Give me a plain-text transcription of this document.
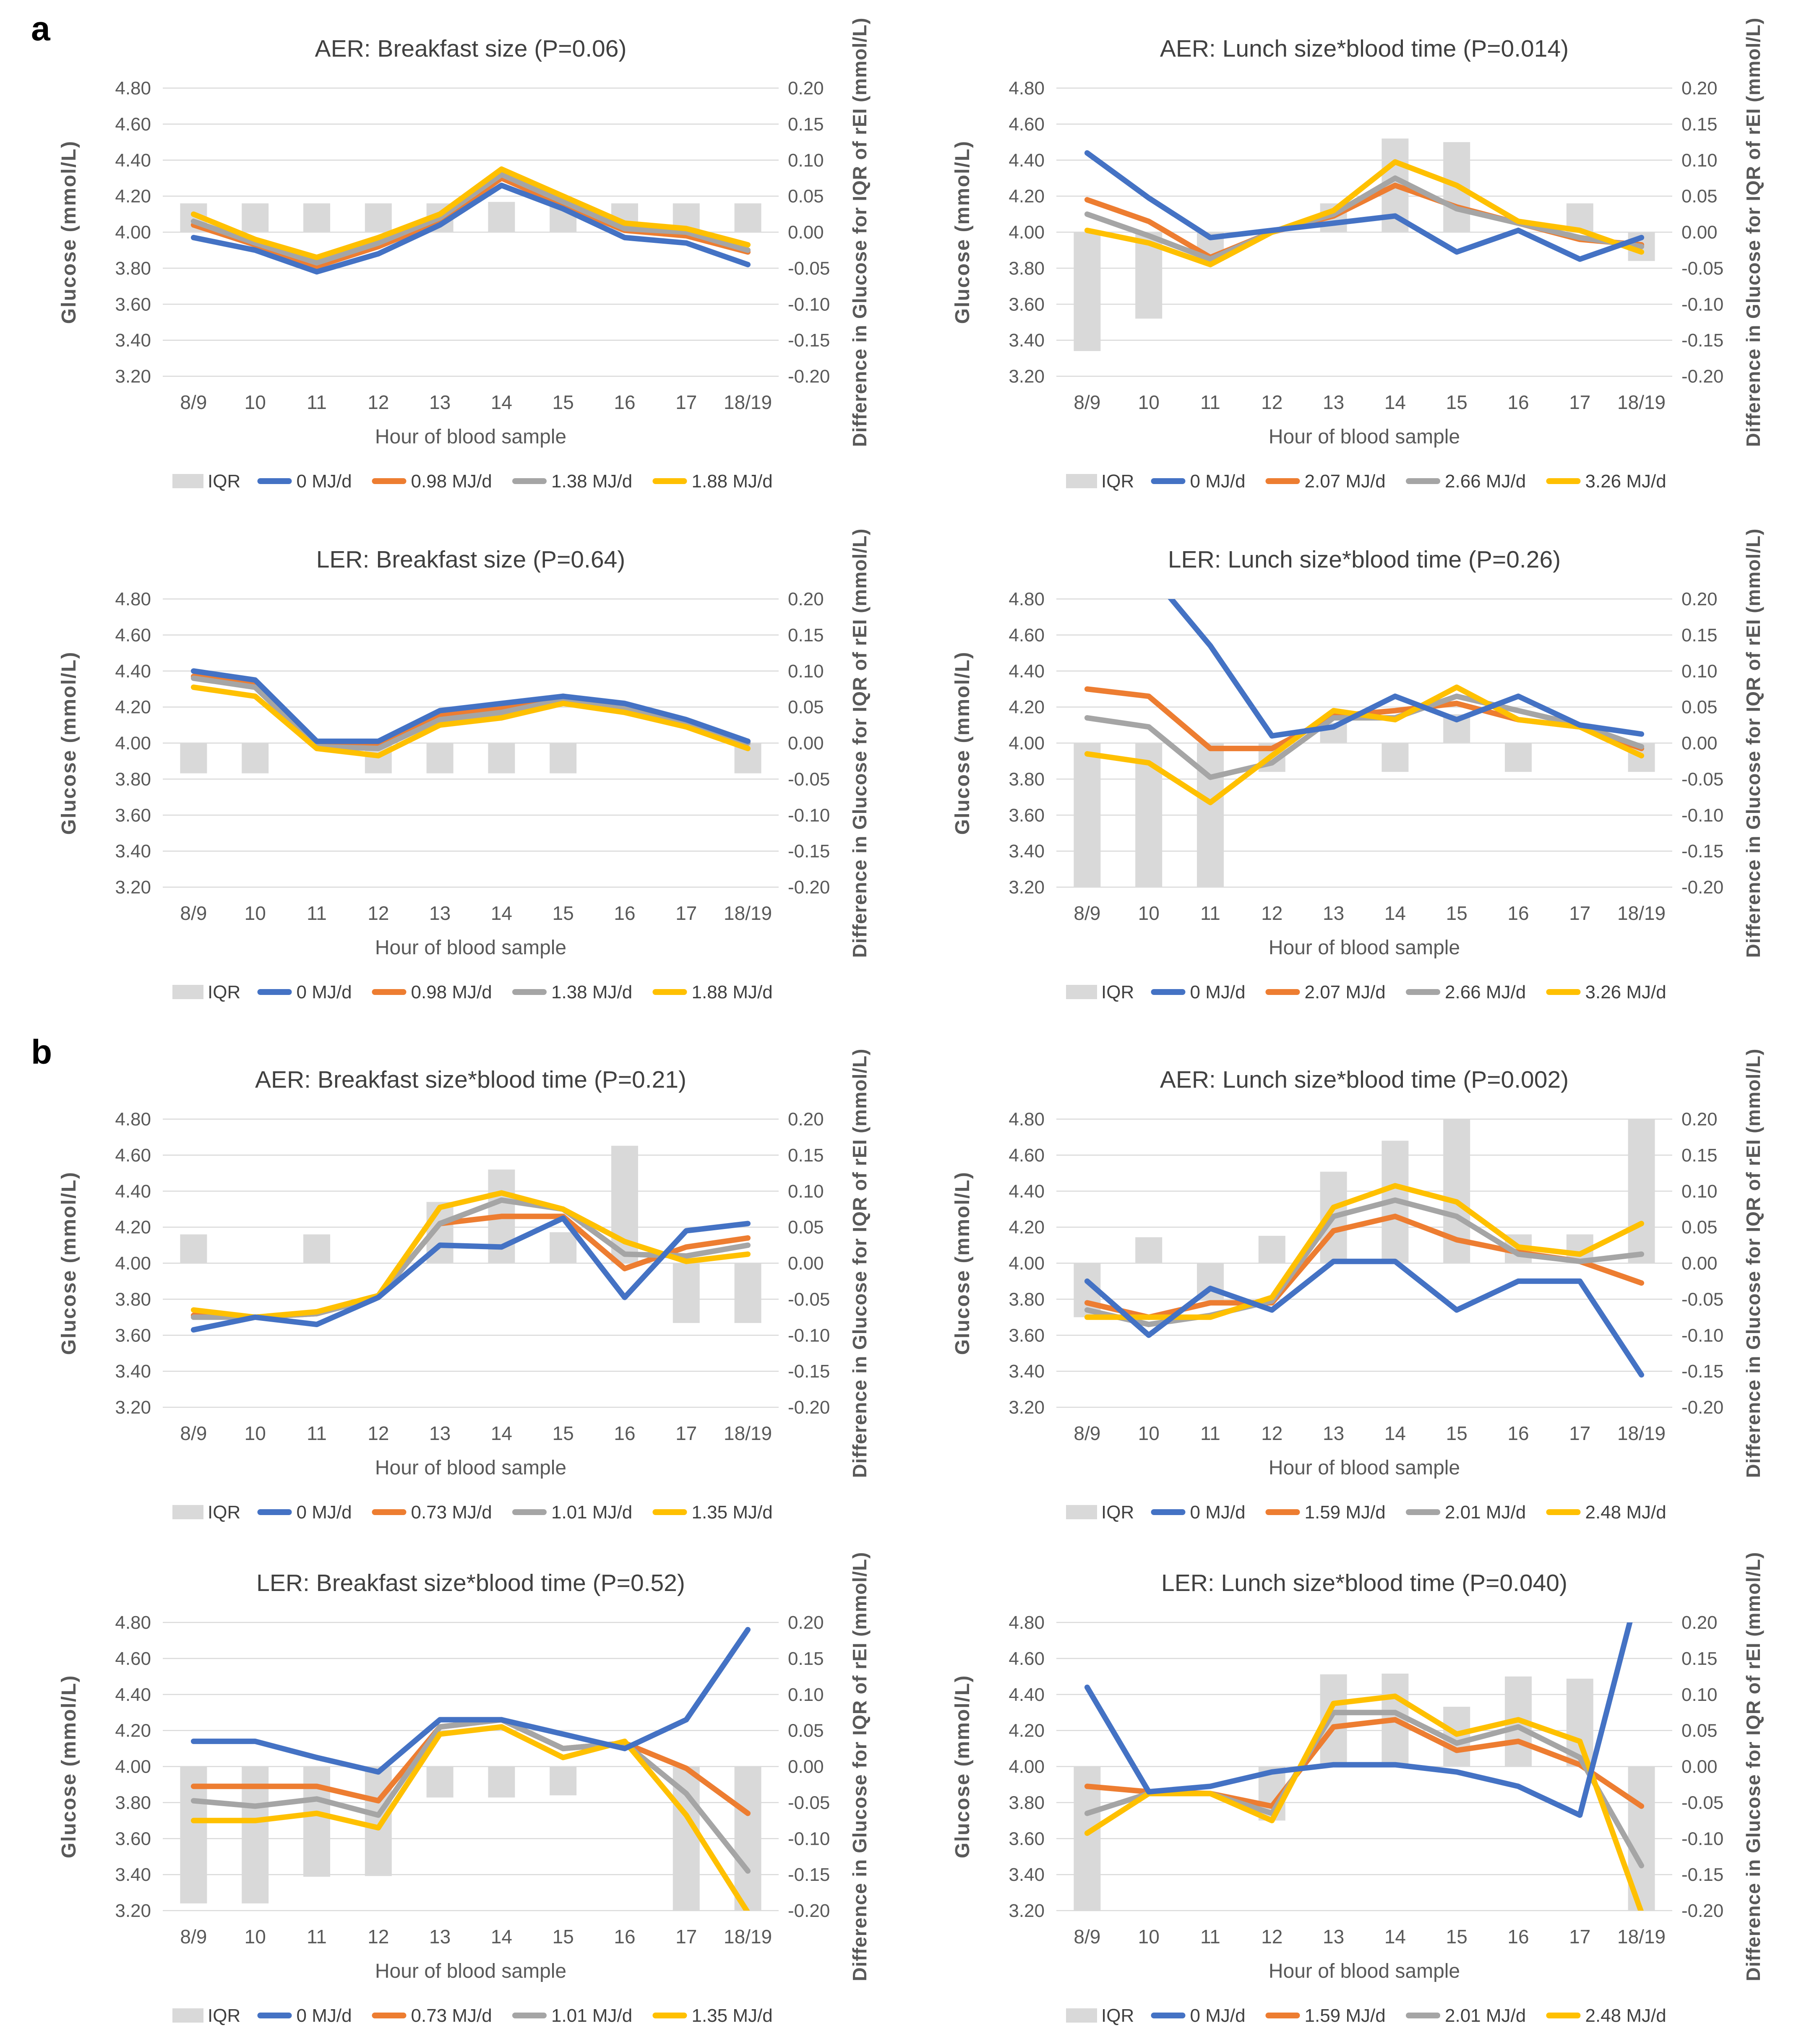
a
b
4.80
4.60
4.40
4.20
4.00
3.80
3.60
3.40
3.20
0.20
0.15
0.10
0.05
0.00
-0.05
-0.10
-0.15
-0.20
8/9 10 11 12 13 14 15 16 17 18/19
AER: Breakfast size (P=0.06)
Hour of blood sample
Glucose (mmol/L)	Difference in Glucose for IQR of rEI (mmol/L)
IQR	0 MJ/d	0.98 MJ/d	1.38 MJ/d	1.88 MJ/d
4.80
4.60
4.40
4.20
4.00
3.80
3.60
3.40
3.20
0.20
0.15
0.10
0.05
0.00
-0.05
-0.10
-0.15
-0.20
8/9 10 11 12 13 14 15 16 17 18/19
AER: Lunch size*blood time (P=0.014)
Hour of blood sample
Glucose (mmol/L)	Difference in Glucose for IQR of rEI (mmol/L)
IQR	0 MJ/d	2.07 MJ/d	2.66 MJ/d	3.26 MJ/d
4.80
4.60
4.40
4.20
4.00
3.80
3.60
3.40
3.20
0.20
0.15
0.10
0.05
0.00
-0.05
-0.10
-0.15
-0.20
8/9 10 11 12 13 14 15 16 17 18/19
LER: Breakfast size (P=0.64)
Hour of blood sample
Glucose (mmol/L)	Difference in Glucose for IQR of rEI (mmol/L)
IQR	0 MJ/d	0.98 MJ/d	1.38 MJ/d	1.88 MJ/d
4.80
4.60
4.40
4.20
4.00
3.80
3.60
3.40
3.20
0.20
0.15
0.10
0.05
0.00
-0.05
-0.10
-0.15
-0.20
8/9 10 11 12 13 14 15 16 17 18/19
LER: Lunch size*blood time (P=0.26)
Hour of blood sample
Glucose (mmol/L)	Difference in Glucose for IQR of rEI (mmol/L)
IQR	0 MJ/d	2.07 MJ/d	2.66 MJ/d	3.26 MJ/d
4.80
4.60
4.40
4.20
4.00
3.80
3.60
3.40
3.20
0.20
0.15
0.10
0.05
0.00
-0.05
-0.10
-0.15
-0.20
8/9 10 11 12 13 14 15 16 17 18/19
AER: Breakfast size*blood time (P=0.21)
Hour of blood sample
Glucose (mmol/L)	Difference in Glucose for IQR of rEI (mmol/L)
IQR	0 MJ/d	0.73 MJ/d	1.01 MJ/d	1.35 MJ/d
4.80
4.60
4.40
4.20
4.00
3.80
3.60
3.40
3.20
0.20
0.15
0.10
0.05
0.00
-0.05
-0.10
-0.15
-0.20
8/9 10 11 12 13 14 15 16 17 18/19
AER: Lunch size*blood time (P=0.002)
Hour of blood sample
Glucose (mmol/L)	Difference in Glucose for IQR of rEI (mmol/L)
IQR	0 MJ/d	1.59 MJ/d	2.01 MJ/d	2.48 MJ/d
4.80
4.60
4.40
4.20
4.00
3.80
3.60
3.40
3.20
0.20
0.15
0.10
0.05
0.00
-0.05
-0.10
-0.15
-0.20
8/9 10 11 12 13 14 15 16 17 18/19
LER: Breakfast size*blood time (P=0.52)
Hour of blood sample
Glucose (mmol/L)	Difference in Glucose for IQR of rEI (mmol/L)
IQR	0 MJ/d	0.73 MJ/d	1.01 MJ/d	1.35 MJ/d
4.80
4.60
4.40
4.20
4.00
3.80
3.60
3.40
3.20
0.20
0.15
0.10
0.05
0.00
-0.05
-0.10
-0.15
-0.20
8/9 10 11 12 13 14 15 16 17 18/19
LER: Lunch size*blood time (P=0.040)
Hour of blood sample
Glucose (mmol/L)	Difference in Glucose for IQR of rEI (mmol/L)
IQR	0 MJ/d	1.59 MJ/d	2.01 MJ/d	2.48 MJ/d
